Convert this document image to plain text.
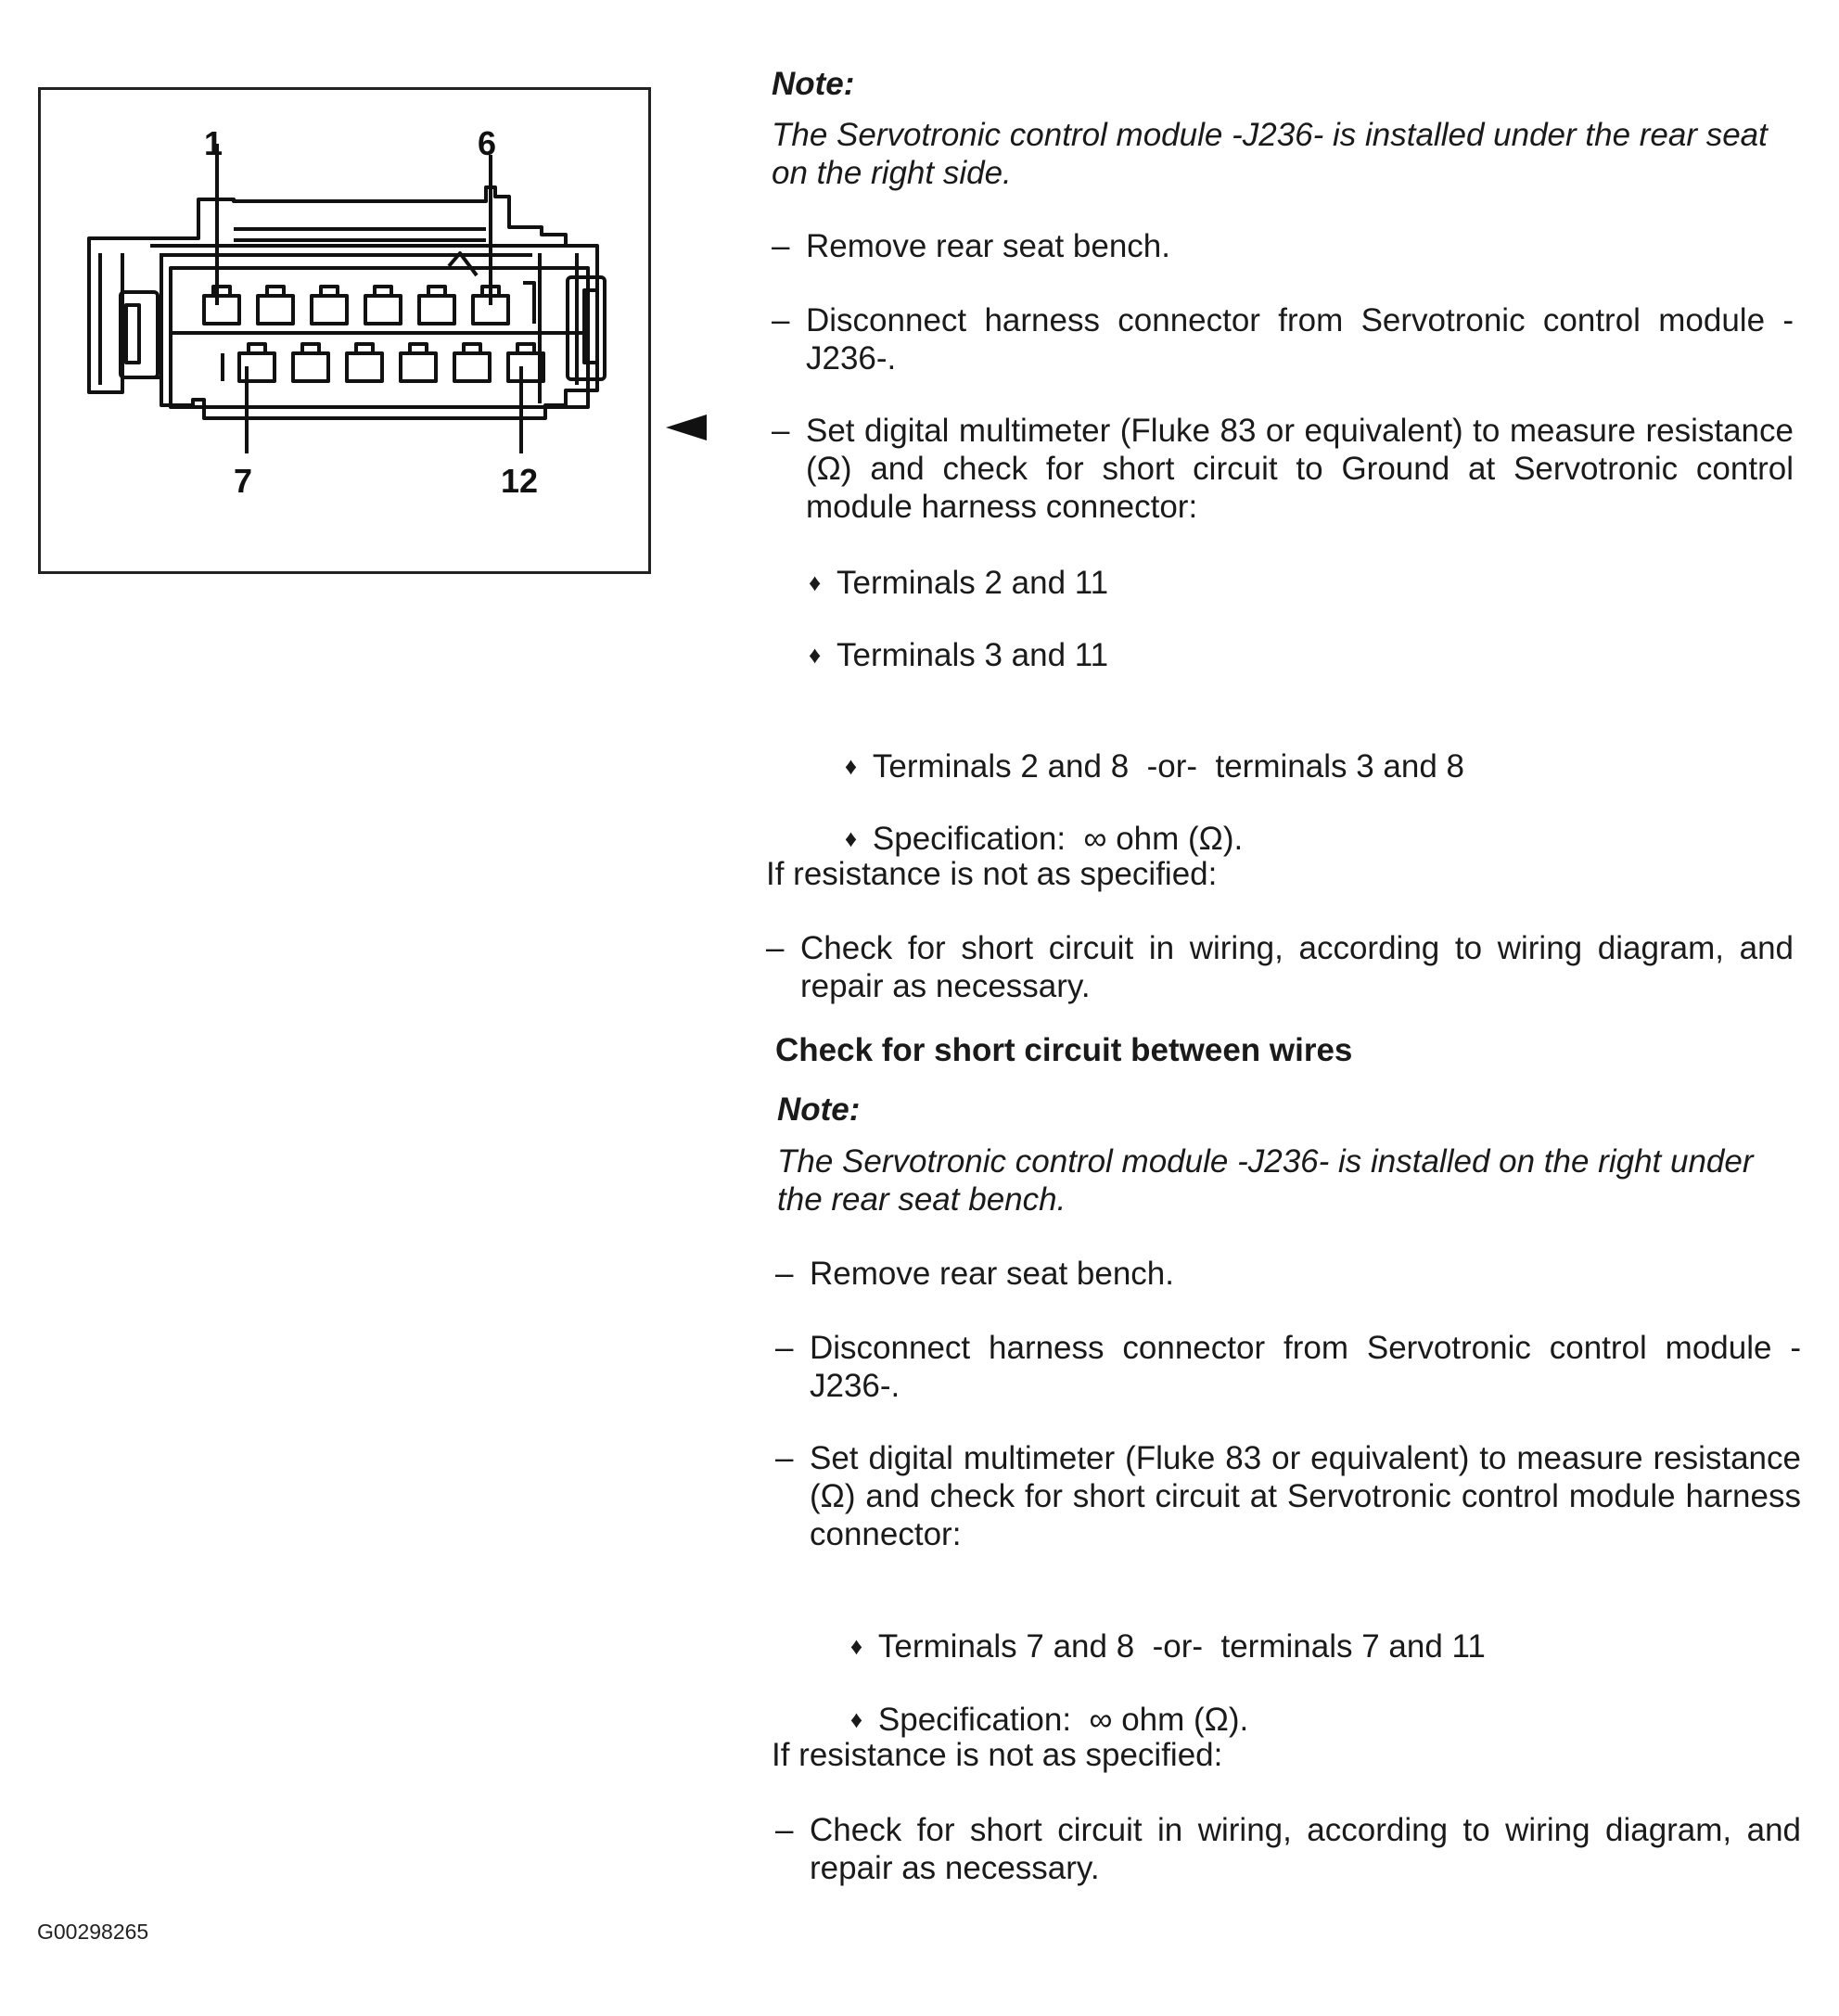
1	6
7	12
Note:
The Servotronic control module -J236- is installed under the rear seat on the right side.
– Remove rear seat bench.
– Disconnect harness connector from Servotronic control module -J236-.
– Set digital multimeter (Fluke 83 or equivalent) to measure resistance (Ω) and check for short circuit to Ground at Servotronic control module harness connector:
♦ Terminals 2 and 11
♦ Terminals 3 and 11

♦ Terminals 2 and 8  -or-  terminals 3 and 8

♦ Specification:  ∞ ohm (Ω).

If resistance is not as specified:
– Check for short circuit in wiring, according to wiring diagram, and repair as necessary.
Check for short circuit between wires
Note:
The Servotronic control module -J236- is installed on the right under the rear seat bench.
– Remove rear seat bench.
– Disconnect harness connector from Servotronic control module -J236-.
– Set digital multimeter (Fluke 83 or equivalent) to measure resistance (Ω) and check for short circuit at Servotronic control module harness connector:

♦ Terminals 7 and 8  -or-  terminals 7 and 11

♦ Specification:  ∞ ohm (Ω).

If resistance is not as specified:
– Check for short circuit in wiring, according to wiring diagram, and repair as necessary.
G00298265
